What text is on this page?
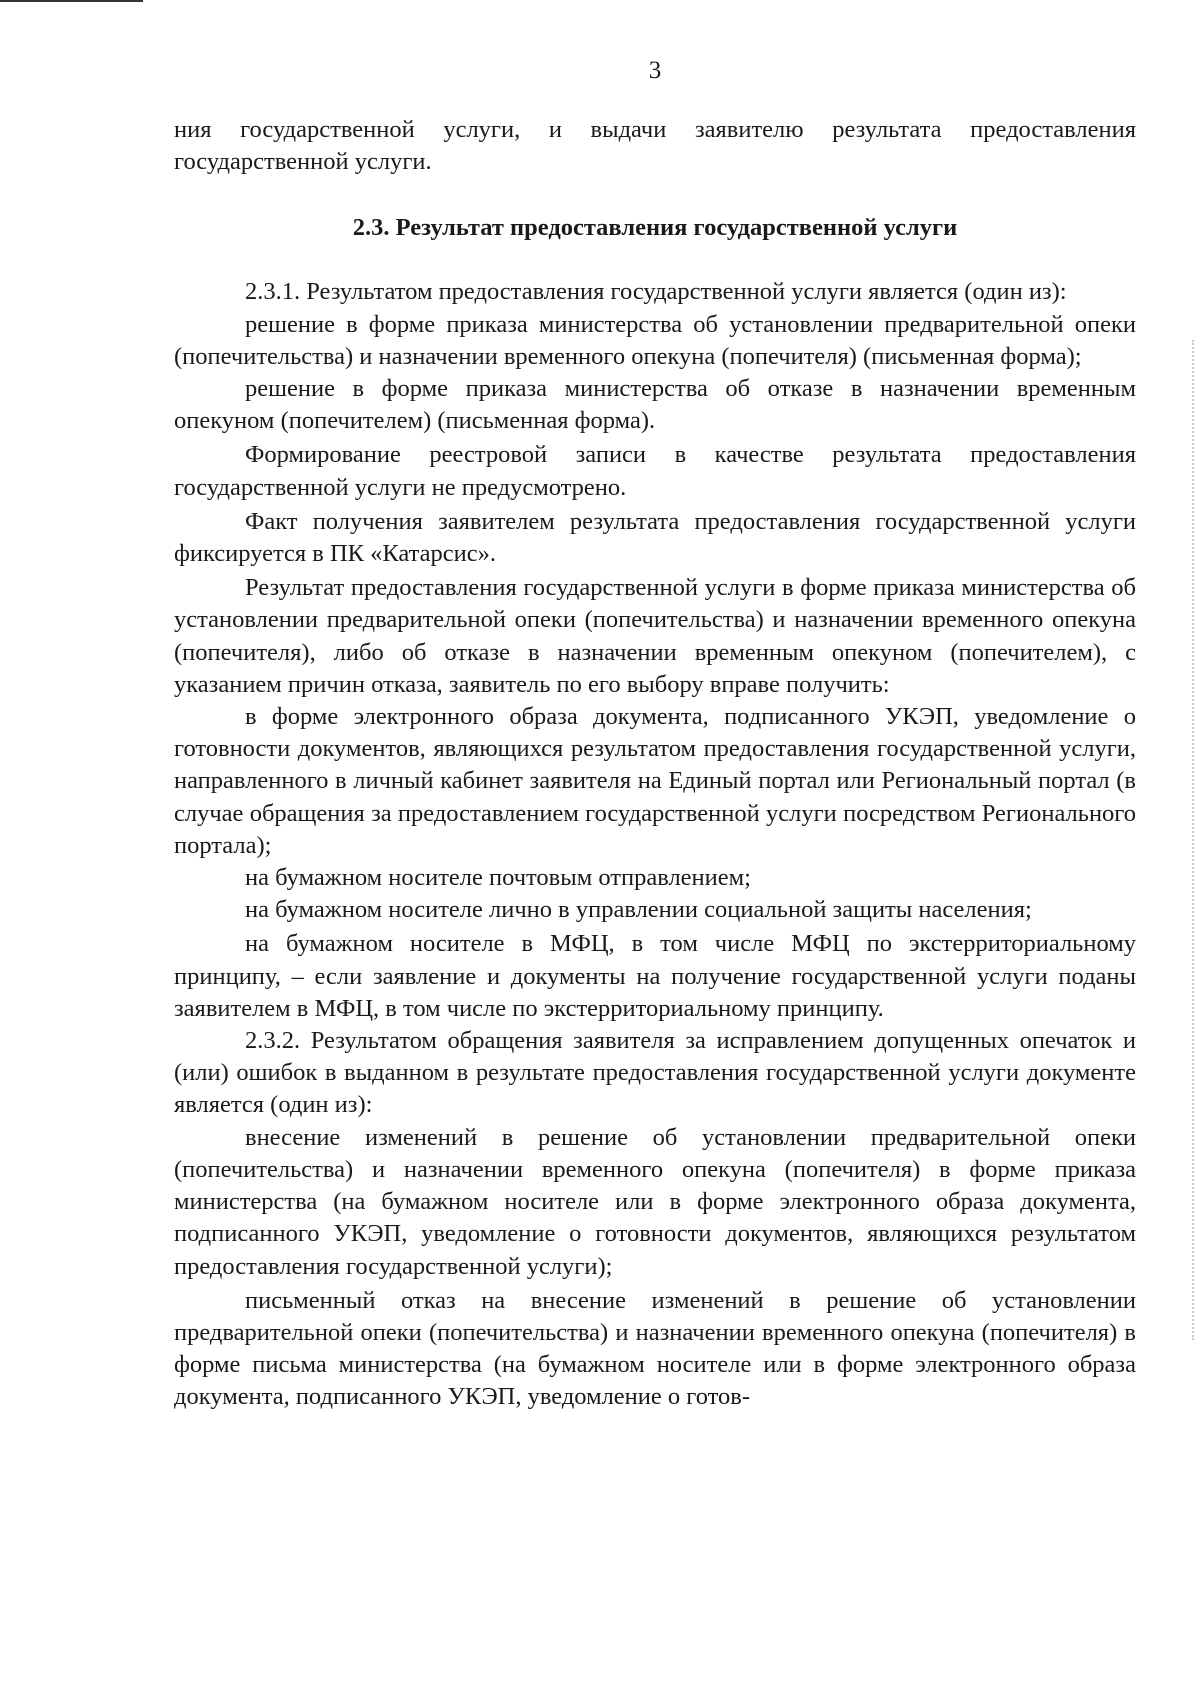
3

ния государственной услуги, и выдачи заявителю результата предоставления государственной услуги.

2.3. Результат предоставления государственной услуги

2.3.1. Результатом предоставления государственной услуги является (один из):

решение в форме приказа министерства об установлении предварительной опеки (попечительства) и назначении временного опекуна (попечителя) (письменная форма);

решение в форме приказа министерства об отказе в назначении временным опекуном (попечителем) (письменная форма).

Формирование реестровой записи в качестве результата предоставления государственной услуги не предусмотрено.

Факт получения заявителем результата предоставления государственной услуги фиксируется в ПК «Катарсис».

Результат предоставления государственной услуги в форме приказа министерства об установлении предварительной опеки (попечительства) и назначении временного опекуна (попечителя), либо об отказе в назначении временным опекуном (попечителем), с указанием причин отказа, заявитель по его выбору вправе получить:

в форме электронного образа документа, подписанного УКЭП, уведомление о готовности документов, являющихся результатом предоставления государственной услуги, направленного в личный кабинет заявителя на Единый портал или Региональный портал (в случае обращения за предоставлением государственной услуги посредством Регионального портала);

на бумажном носителе почтовым отправлением;

на бумажном носителе лично в управлении социальной защиты населения;

на бумажном носителе в МФЦ, в том числе МФЦ по экстерриториальному принципу, – если заявление и документы на получение государственной услуги поданы заявителем в МФЦ, в том числе по экстерриториальному принципу.

2.3.2. Результатом обращения заявителя за исправлением допущенных опечаток и (или) ошибок в выданном в результате предоставления государственной услуги документе является (один из):

внесение изменений в решение об установлении предварительной опеки (попечительства) и назначении временного опекуна (попечителя) в форме приказа министерства (на бумажном носителе или в форме электронного образа документа, подписанного УКЭП, уведомление о готовности документов, являющихся результатом предоставления государственной услуги);

письменный отказ на внесение изменений в решение об установлении предварительной опеки (попечительства) и назначении временного опекуна (попечителя) в форме письма министерства (на бумажном носителе или в форме электронного образа документа, подписанного УКЭП, уведомление о готов-
